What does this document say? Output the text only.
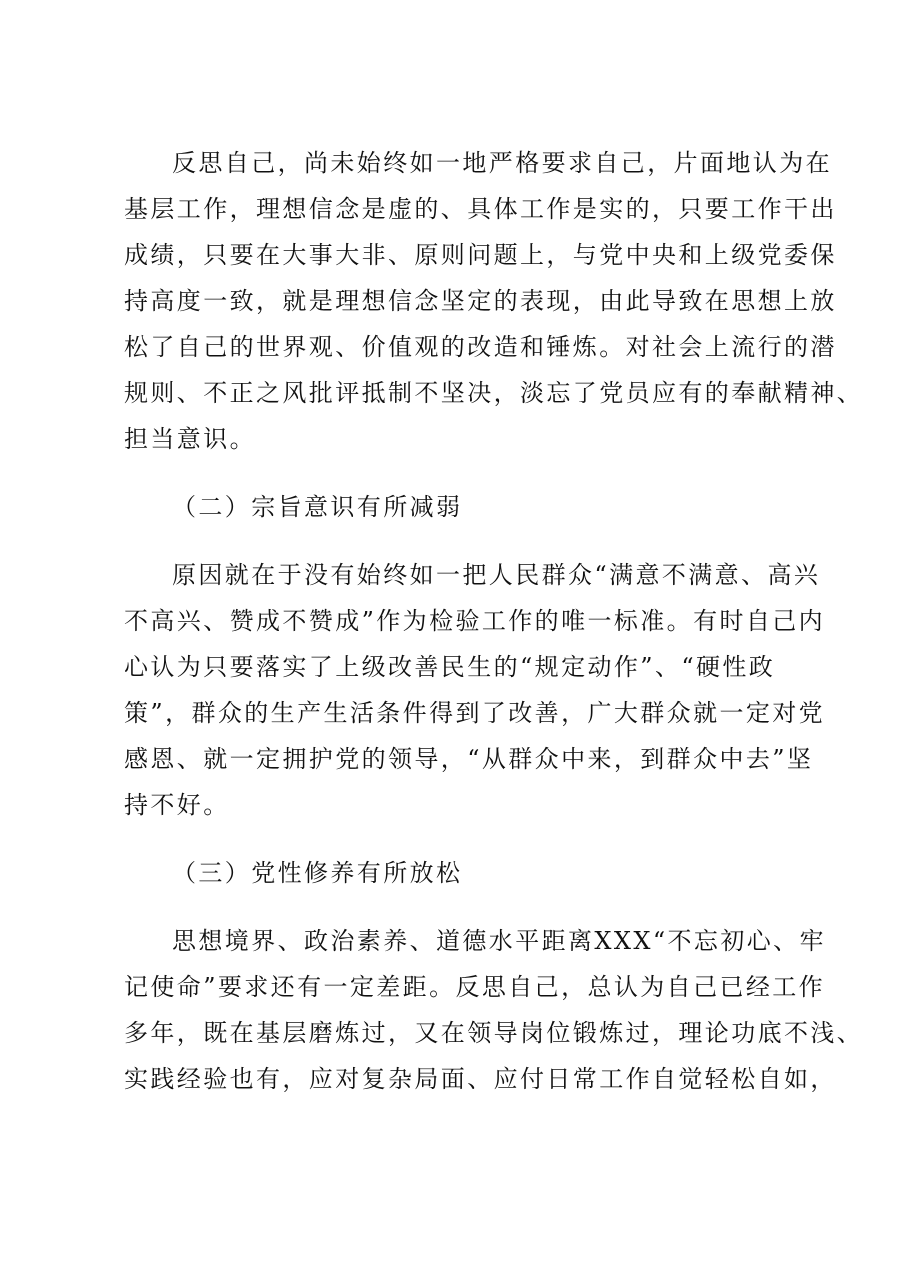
反思自己，尚未始终如一地严格要求自己，片面地认为在
基层工作，理想信念是虚的、具体工作是实的，只要工作干出
成绩，只要在大事大非、原则问题上，与党中央和上级党委保
持高度一致，就是理想信念坚定的表现，由此导致在思想上放
松了自己的世界观、价值观的改造和锤炼。对社会上流行的潜
规则、不正之风批评抵制不坚决，淡忘了党员应有的奉献精神、
担当意识。
（二）宗旨意识有所减弱
原因就在于没有始终如一把人民群众“满意不满意、高兴
不高兴、赞成不赞成”作为检验工作的唯一标准。有时自己内
心认为只要落实了上级改善民生的“规定动作”、“硬性政
策”，群众的生产生活条件得到了改善，广大群众就一定对党
感恩、就一定拥护党的领导，“从群众中来，到群众中去”坚
持不好。
（三）党性修养有所放松
思想境界、政治素养、道德水平距离XXX“不忘初心、牢
记使命”要求还有一定差距。反思自己，总认为自己已经工作
多年，既在基层磨炼过，又在领导岗位锻炼过，理论功底不浅、
实践经验也有，应对复杂局面、应付日常工作自觉轻松自如，
